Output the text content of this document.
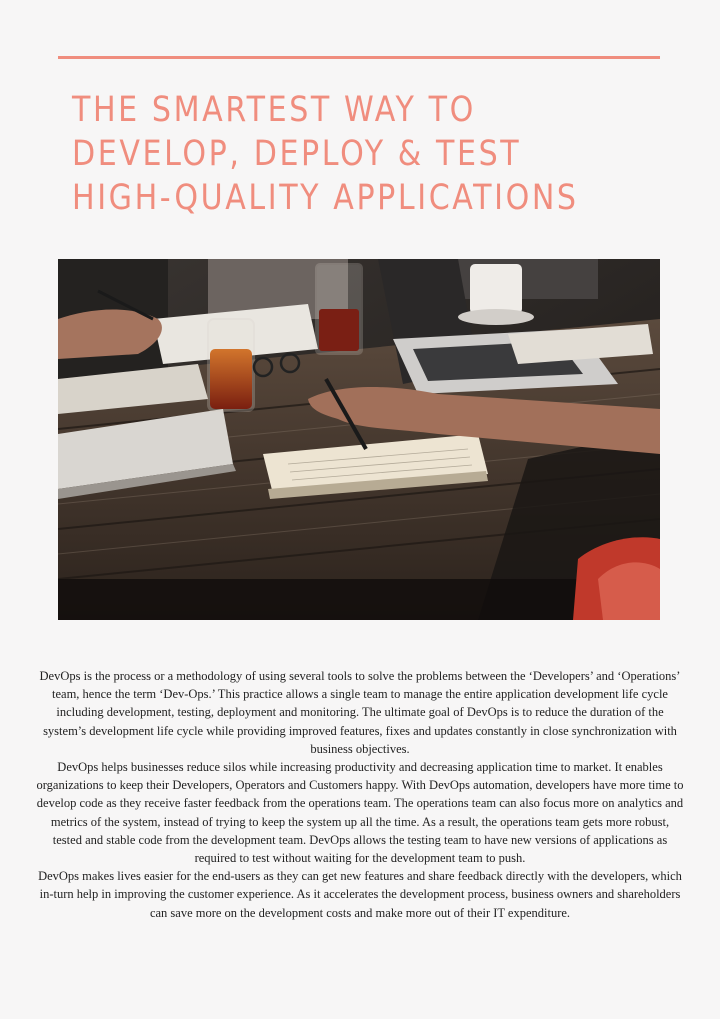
THE SMARTEST WAY TO DEVELOP, DEPLOY & TEST HIGH-QUALITY APPLICATIONS

DevOps is the process or a methodology of using several tools to solve the problems between the ‘Developers’ and ‘Operations’ team, hence the term ‘Dev-Ops.’ This practice allows a single team to manage the entire application development life cycle including development, testing, deployment and monitoring. The ultimate goal of DevOps is to reduce the duration of the system’s development life cycle while providing improved features, fixes and updates constantly in close synchronization with business objectives.

DevOps helps businesses reduce silos while increasing productivity and decreasing application time to market. It enables organizations to keep their Developers, Operators and Customers happy. With DevOps automation, developers have more time to develop code as they receive faster feedback from the operations team. The operations team can also focus more on analytics and metrics of the system, instead of trying to keep the system up all the time. As a result, the operations team gets more robust, tested and stable code from the development team. DevOps allows the testing team to have new versions of applications as required to test without waiting for the development team to push.

DevOps makes lives easier for the end-users as they can get new features and share feedback directly with the developers, which in-turn help in improving the customer experience. As it accelerates the development process, business owners and shareholders can save more on the development costs and make more out of their IT expenditure.
